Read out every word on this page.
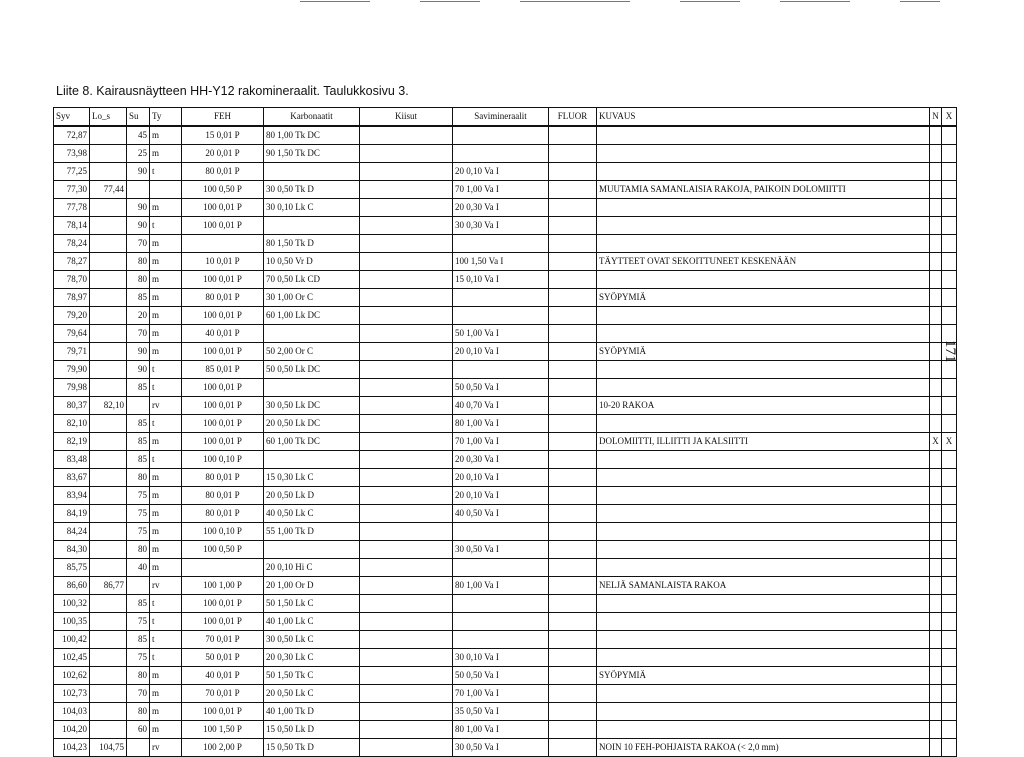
Liite 8. Kairausnäytteen HH-Y12 rakomineraalit. Taulukkosivu 3.
171
Syv	Lo_s	Su	Ty	FEH	Karbonaatit	Kiisut	Savimineraalit	FLUOR	KUVAUS	N	X
72,87		45	m	15 0,01 P	80 1,00 Tk DC						
73,98		25	m	20 0,01 P	90 1,50 Tk DC						
77,25		90	t	80 0,01 P			20 0,10 Va I				
77,30	77,44			100 0,50 P	30 0,50 Tk D		70 1,00 Va I		MUUTAMIA SAMANLAISIA RAKOJA, PAIKOIN DOLOMIITTI		
77,78		90	m	100 0,01 P	30 0,10 Lk C		20 0,30 Va I				
78,14		90	t	100 0,01 P			30 0,30 Va I				
78,24		70	m		80 1,50 Tk D						
78,27		80	m	10 0,01 P	10 0,50 Vr D		100 1,50 Va I		TÄYTTEET OVAT SEKOITTUNEET KESKENÄÄN		
78,70		80	m	100 0,01 P	70 0,50 Lk CD		15 0,10 Va I				
78,97		85	m	80 0,01 P	30 1,00 Or C				SYÖPYMIÄ		
79,20		20	m	100 0,01 P	60 1,00 Lk DC						
79,64		70	m	40 0,01 P			50 1,00 Va I				
79,71		90	m	100 0,01 P	50 2,00 Or C		20 0,10 Va I		SYÖPYMIÄ		
79,90		90	t	85 0,01 P	50 0,50 Lk DC						
79,98		85	t	100 0,01 P			50 0,50 Va I				
80,37	82,10		rv	100 0,01 P	30 0,50 Lk DC		40 0,70 Va I		10-20 RAKOA		
82,10		85	t	100 0,01 P	20 0,50 Lk DC		80 1,00 Va I				
82,19		85	m	100 0,01 P	60 1,00 Tk DC		70 1,00 Va I		DOLOMIITTI, ILLIITTI JA KALSIITTI	X	X
83,48		85	t	100 0,10 P			20 0,30 Va I				
83,67		80	m	80 0,01 P	15 0,30 Lk C		20 0,10 Va I				
83,94		75	m	80 0,01 P	20 0,50 Lk D		20 0,10 Va I				
84,19		75	m	80 0,01 P	40 0,50 Lk C		40 0,50 Va I				
84,24		75	m	100 0,10 P	55 1,00 Tk D						
84,30		80	m	100 0,50 P			30 0,50 Va I				
85,75		40	m		20 0,10 Hi C						
86,60	86,77		rv	100 1,00 P	20 1,00 Or D		80 1,00 Va I		NELJÄ SAMANLAISTA RAKOA		
100,32		85	t	100 0,01 P	50 1,50 Lk C						
100,35		75	t	100 0,01 P	40 1,00 Lk C						
100,42		85	t	70 0,01 P	30 0,50 Lk C						
102,45		75	t	50 0,01 P	20 0,30 Lk C		30 0,10 Va I				
102,62		80	m	40 0,01 P	50 1,50 Tk C		50 0,50 Va I		SYÖPYMIÄ		
102,73		70	m	70 0,01 P	20 0,50 Lk C		70 1,00 Va I				
104,03		80	m	100 0,01 P	40 1,00 Tk D		35 0,50 Va I				
104,20		60	m	100 1,50 P	15 0,50 Lk D		80 1,00 Va I				
104,23	104,75		rv	100 2,00 P	15 0,50 Tk D		30 0,50 Va I		NOIN 10 FEH-POHJAISTA RAKOA (< 2,0 mm)		
